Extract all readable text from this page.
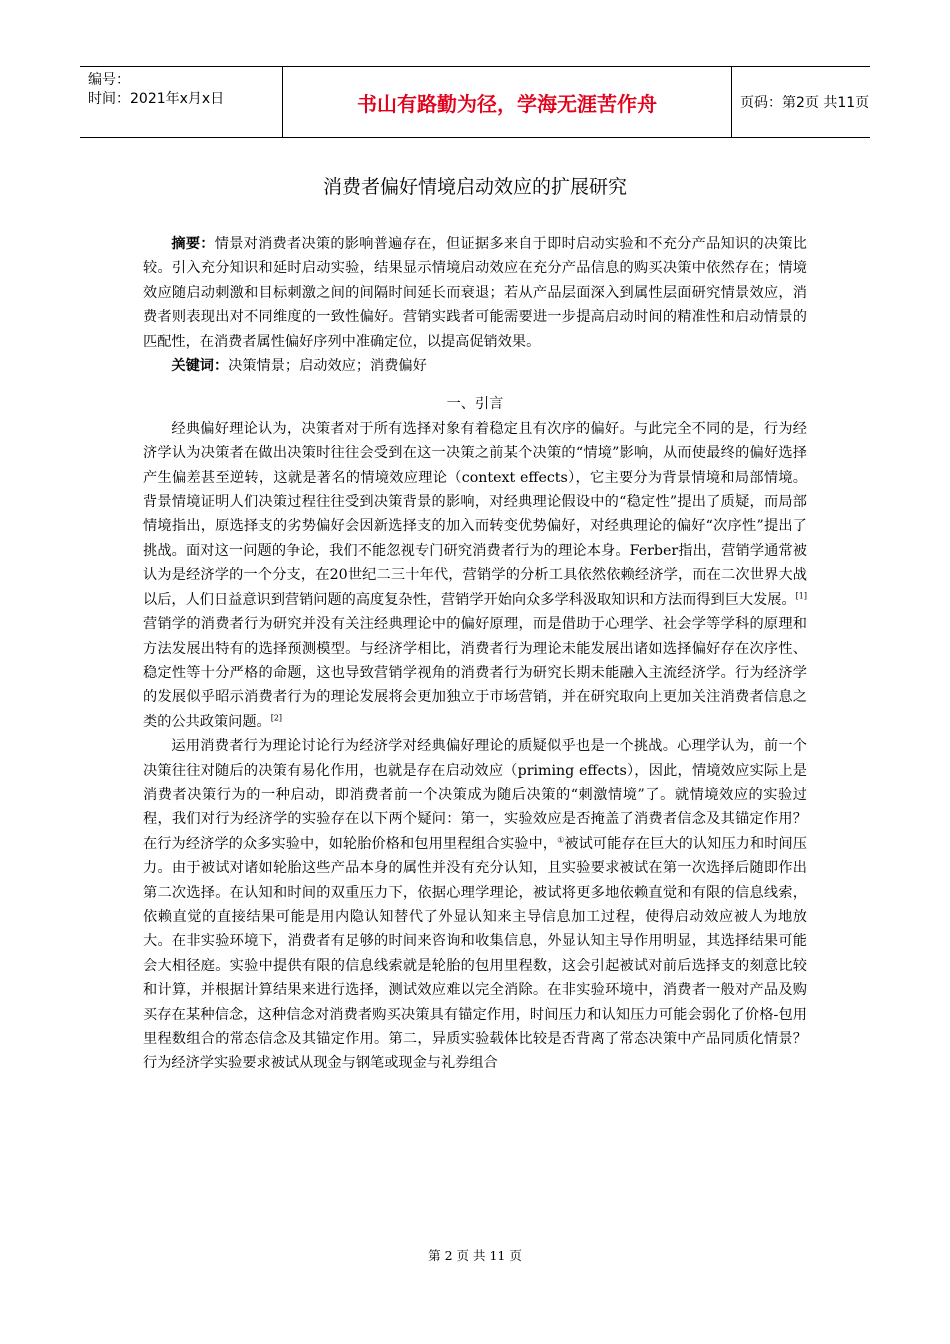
编号：
时间：2021年x月x日	书山有路勤为径，学海无涯苦作舟	页码：第2页 共11页
消费者偏好情境启动效应的扩展研究

摘要：情景对消费者决策的影响普遍存在，但证据多来自于即时启动实验和不充分产品知识的决策比较。引入充分知识和延时启动实验，结果显示情境启动效应在充分产品信息的购买决策中依然存在；情境效应随启动刺激和目标刺激之间的间隔时间延长而衰退；若从产品层面深入到属性层面研究情景效应，消费者则表现出对不同维度的一致性偏好。营销实践者可能需要进一步提高启动时间的精准性和启动情景的匹配性，在消费者属性偏好序列中准确定位，以提高促销效果。

关键词：决策情景；启动效应；消费偏好

一、引言

经典偏好理论认为，决策者对于所有选择对象有着稳定且有次序的偏好。与此完全不同的是，行为经济学认为决策者在做出决策时往往会受到在这一决策之前某个决策的“情境”影响，从而使最终的偏好选择产生偏差甚至逆转，这就是著名的情境效应理论（context effects），它主要分为背景情境和局部情境。背景情境证明人们决策过程往往受到决策背景的影响，对经典理论假设中的“稳定性”提出了质疑，而局部情境指出，原选择支的劣势偏好会因新选择支的加入而转变优势偏好，对经典理论的偏好“次序性”提出了挑战。面对这一问题的争论，我们不能忽视专门研究消费者行为的理论本身。Ferber指出，营销学通常被认为是经济学的一个分支，在20世纪二三十年代，营销学的分析工具依然依赖经济学，而在二次世界大战以后，人们日益意识到营销问题的高度复杂性，营销学开始向众多学科汲取知识和方法而得到巨大发展。[1]营销学的消费者行为研究并没有关注经典理论中的偏好原理，而是借助于心理学、社会学等学科的原理和方法发展出特有的选择预测模型。与经济学相比，消费者行为理论未能发展出诸如选择偏好存在次序性、稳定性等十分严格的命题，这也导致营销学视角的消费者行为研究长期未能融入主流经济学。行为经济学的发展似乎昭示消费者行为的理论发展将会更加独立于市场营销，并在研究取向上更加关注消费者信息之类的公共政策问题。[2]

运用消费者行为理论讨论行为经济学对经典偏好理论的质疑似乎也是一个挑战。心理学认为，前一个决策往往对随后的决策有易化作用，也就是存在启动效应（priming effects），因此，情境效应实际上是消费者决策行为的一种启动，即消费者前一个决策成为随后决策的“刺激情境”了。就情境效应的实验过程，我们对行为经济学的实验存在以下两个疑问：第一，实验效应是否掩盖了消费者信念及其锚定作用？在行为经济学的众多实验中，如轮胎价格和包用里程组合实验中，①被试可能存在巨大的认知压力和时间压力。由于被试对诸如轮胎这些产品本身的属性并没有充分认知，且实验要求被试在第一次选择后随即作出第二次选择。在认知和时间的双重压力下，依据心理学理论，被试将更多地依赖直觉和有限的信息线索，依赖直觉的直接结果可能是用内隐认知替代了外显认知来主导信息加工过程，使得启动效应被人为地放大。在非实验环境下，消费者有足够的时间来咨询和收集信息，外显认知主导作用明显，其选择结果可能会大相径庭。实验中提供有限的信息线索就是轮胎的包用里程数，这会引起被试对前后选择支的刻意比较和计算，并根据计算结果来进行选择，测试效应难以完全消除。在非实验环境中，消费者一般对产品及购买存在某种信念，这种信念对消费者购买决策具有锚定作用，时间压力和认知压力可能会弱化了价格-包用里程数组合的常态信念及其锚定作用。第二，异质实验载体比较是否背离了常态决策中产品同质化情景？行为经济学实验要求被试从现金与钢笔或现金与礼券组合

第 2 页 共 11 页
